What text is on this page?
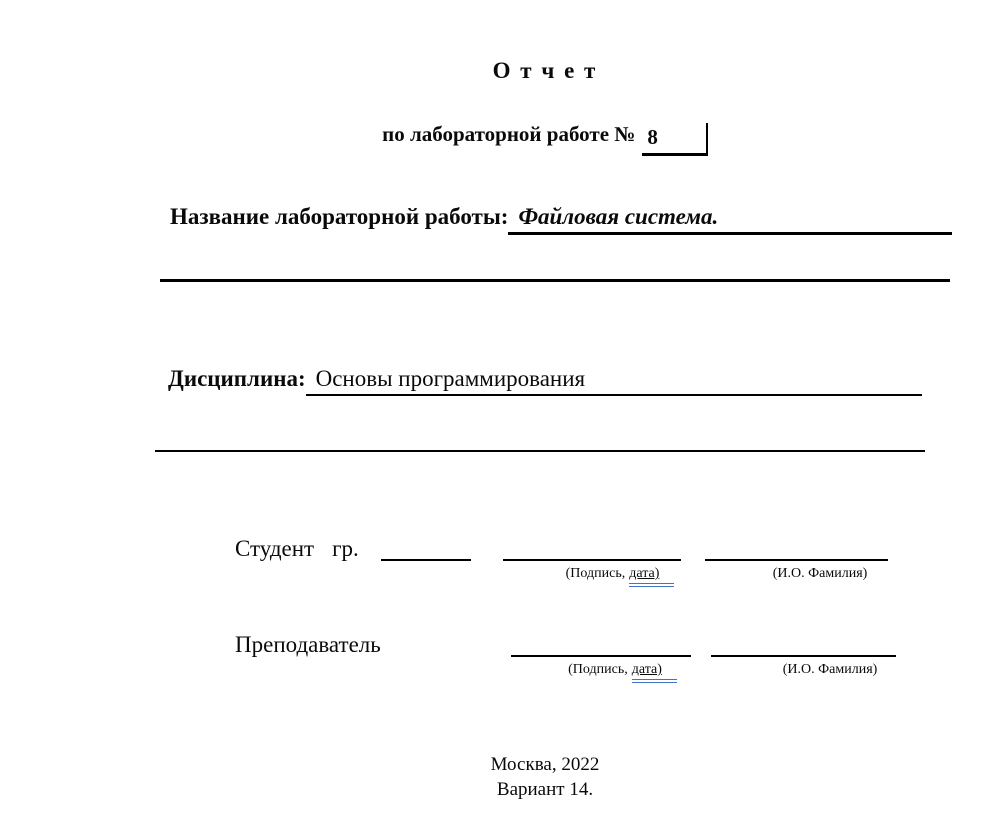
О т ч е т
по лабораторной работе № 8
Название лабораторной работы: Файловая система.
Дисциплина: Основы программирования
Студент гр.
(Подпись, дата)	(И.О. Фамилия)
Преподаватель
(Подпись, дата)	(И.О. Фамилия)
Москва, 2022
Вариант 14.
